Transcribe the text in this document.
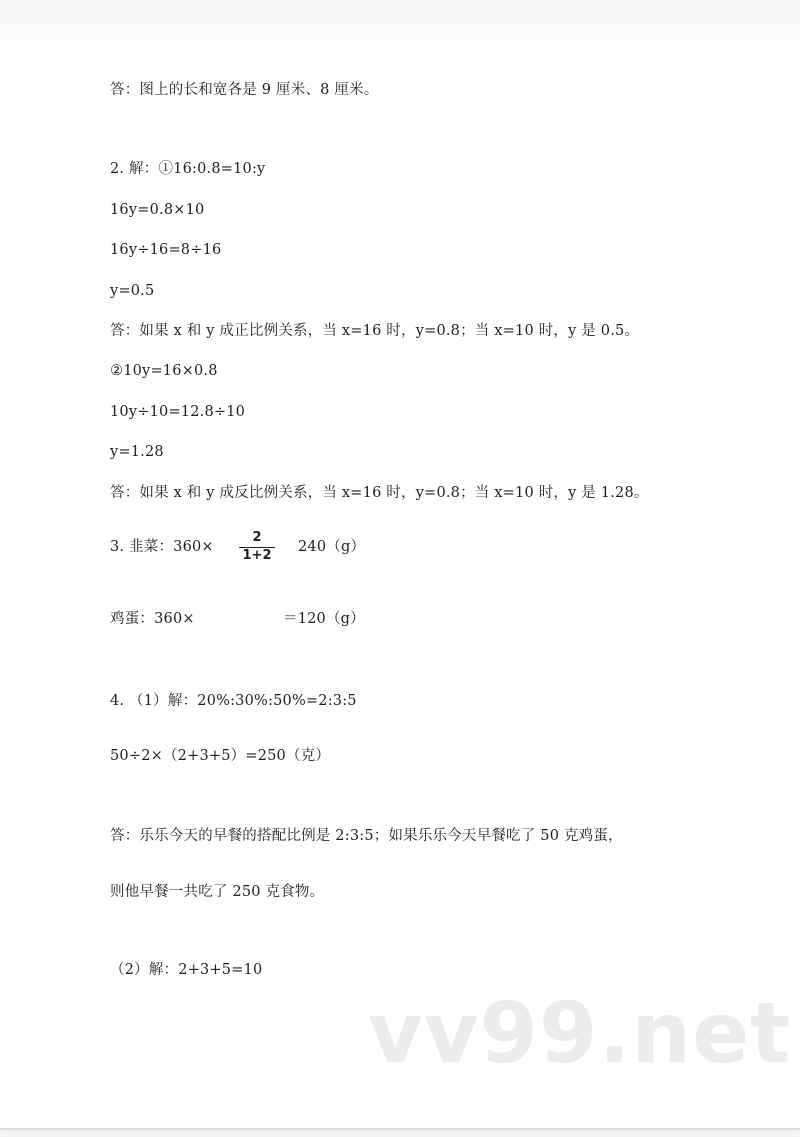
答：图上的长和宽各是 9 厘米、8 厘米。
2. 解：①16:0.8=10:y
16y=0.8×10
16y÷16=8÷16
y=0.5
答：如果 x 和 y 成正比例关系，当 x=16 时，y=0.8；当 x=10 时，y 是 0.5。
②10y=16×0.8
10y÷10=12.8÷10
y=1.28
答：如果 x 和 y 成反比例关系，当 x=16 时，y=0.8；当 x=10 时，y 是 1.28。
3. 韭菜：360×
2
1+2
240（g）
鸡蛋：360×	＝120（g）
4. （1）解：20%:30%:50%=2:3:5
50÷2×（2+3+5）=250（克）
答：乐乐今天的早餐的搭配比例是 2:3:5；如果乐乐今天早餐吃了 50 克鸡蛋，
则他早餐一共吃了 250 克食物。
（2）解：2+3+5=10
vv99.net
